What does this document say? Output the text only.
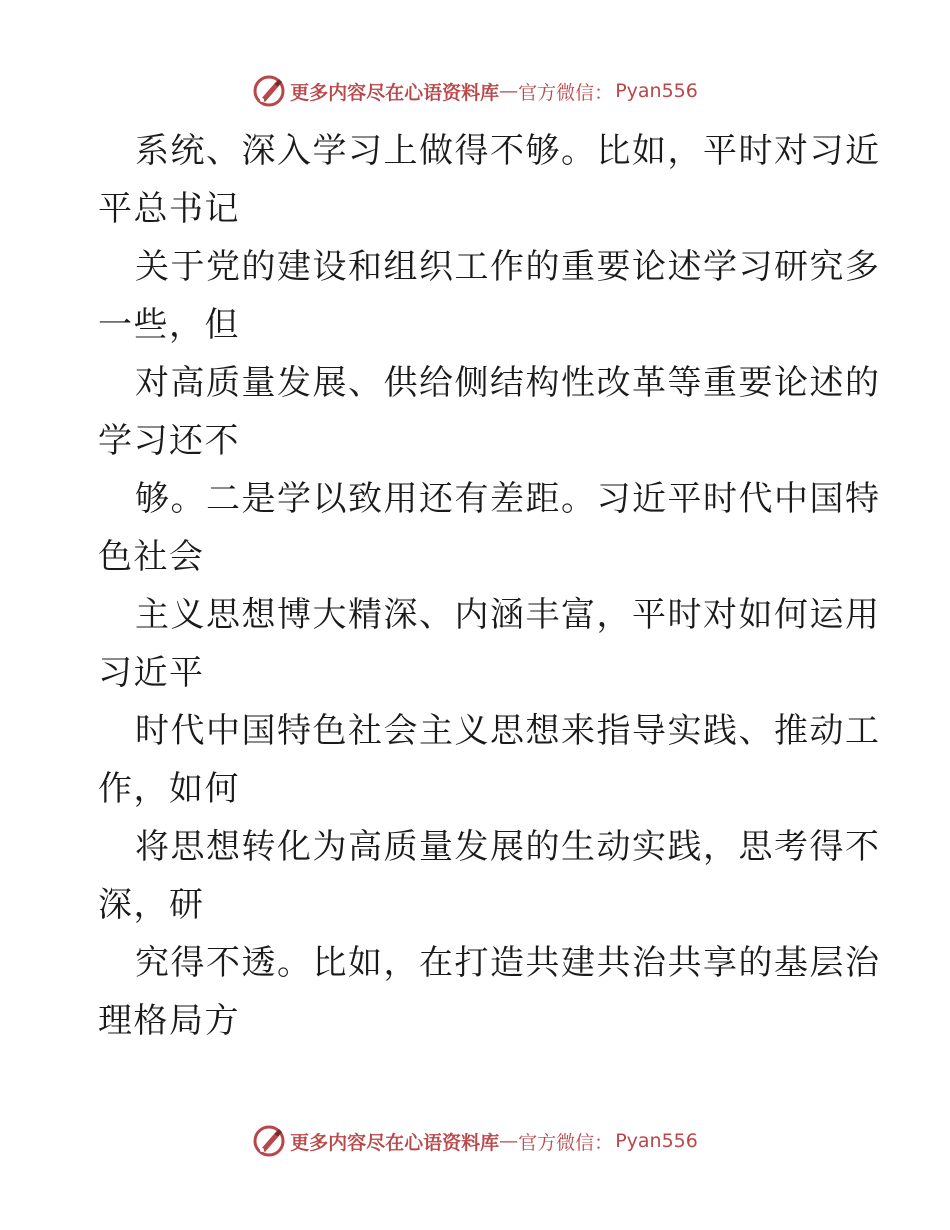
更多内容尽在心语资料库 — 官方微信： Pyan556

系统、深入学习上做得不够。比如，平时对习近
平总书记

关于党的建设和组织工作的重要论述学习研究多
一些，但

对高质量发展、供给侧结构性改革等重要论述的
学习还不

够。二是学以致用还有差距。习近平时代中国特
色社会

主义思想博大精深、内涵丰富，平时对如何运用
习近平

时代中国特色社会主义思想来指导实践、推动工
作，如何

将思想转化为高质量发展的生动实践，思考得不
深，研

究得不透。比如，在打造共建共治共享的基层治
理格局方

更多内容尽在心语资料库 — 官方微信： Pyan556
